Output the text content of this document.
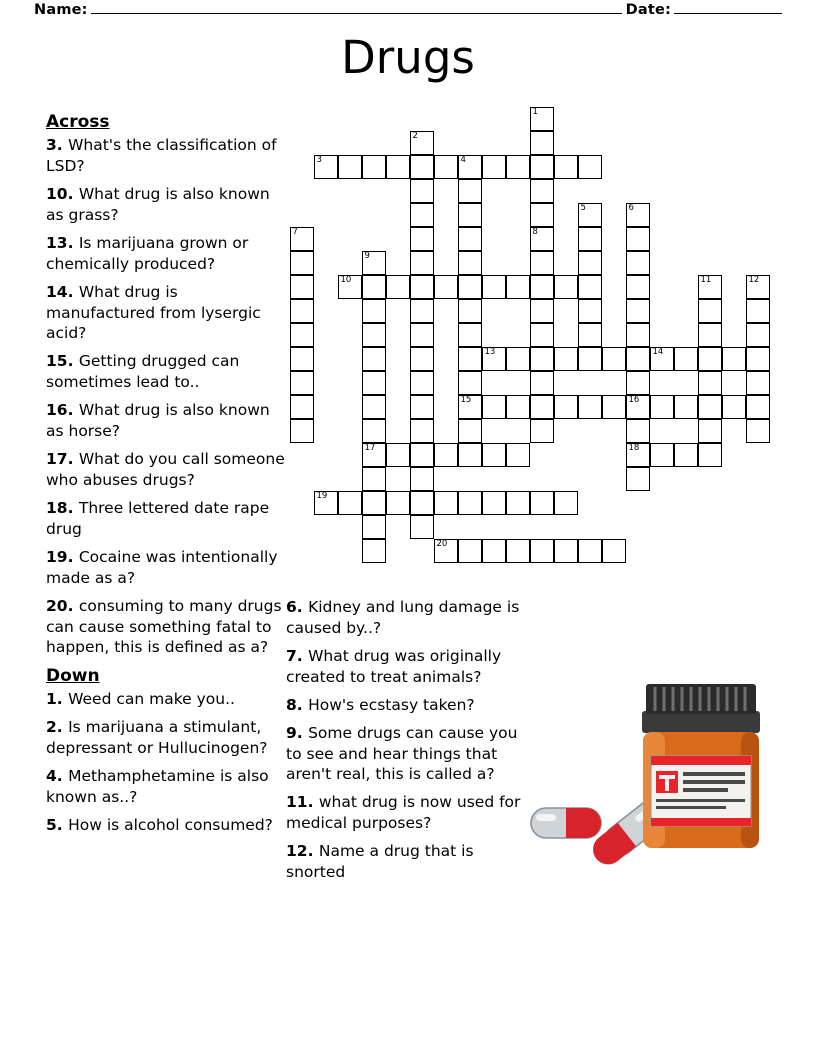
Name:	Date:
Drugs
1
2
3	4
5	6
7	8
9
10	11	12
13	14
15	16
17	18
19
20
Across
3. What's the classification of LSD?
10. What drug is also known as grass?
13. Is marijuana grown or chemically produced?
14. What drug is manufactured from lysergic acid?
15. Getting drugged can sometimes lead to..
16. What drug is also known as horse?
17. What do you call someone who abuses drugs?
18. Three lettered date rape drug
19. Cocaine was intentionally made as a?
20. consuming to many drugs can cause something fatal to happen, this is defined as a?
Down
1. Weed can make you..
2. Is marijuana a stimulant, depressant or Hullucinogen?
4. Methamphetamine is also known as..?
5. How is alcohol consumed?
6. Kidney and lung damage is caused by..?
7. What drug was originally created to treat animals?
8. How's ecstasy taken?
9. Some drugs can cause you to see and hear things that aren't real, this is called a?
11. what drug is now used for medical purposes?
12. Name a drug that is snorted
